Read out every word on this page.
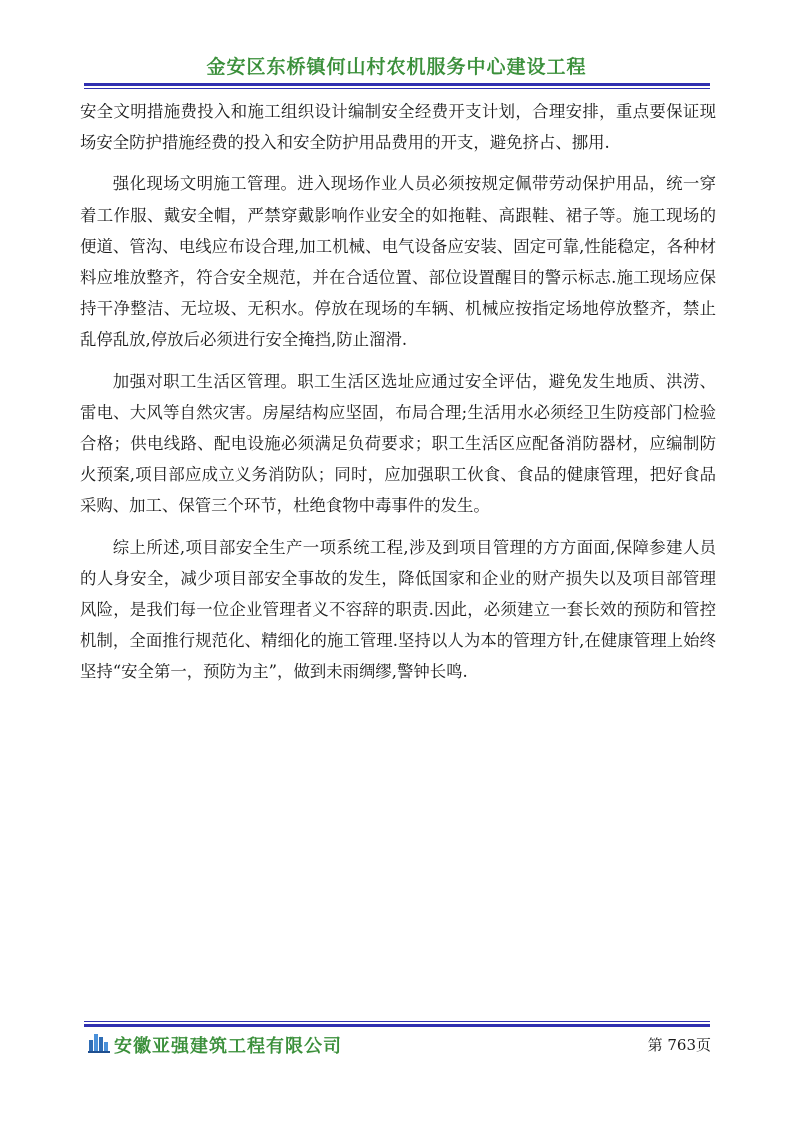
金安区东桥镇何山村农机服务中心建设工程

安全文明措施费投入和施工组织设计编制安全经费开支计划，合理安排，重点要保证现场安全防护措施经费的投入和安全防护用品费用的开支，避免挤占、挪用.

强化现场文明施工管理。进入现场作业人员必须按规定佩带劳动保护用品，统一穿着工作服、戴安全帽，严禁穿戴影响作业安全的如拖鞋、高跟鞋、裙子等。施工现场的便道、管沟、电线应布设合理,加工机械、电气设备应安装、固定可靠,性能稳定，各种材料应堆放整齐，符合安全规范，并在合适位置、部位设置醒目的警示标志.施工现场应保持干净整洁、无垃圾、无积水。停放在现场的车辆、机械应按指定场地停放整齐，禁止乱停乱放,停放后必须进行安全掩挡,防止溜滑.

加强对职工生活区管理。职工生活区选址应通过安全评估，避免发生地质、洪涝、雷电、大风等自然灾害。房屋结构应坚固，布局合理;生活用水必须经卫生防疫部门检验合格；供电线路、配电设施必须满足负荷要求；职工生活区应配备消防器材，应编制防火预案,项目部应成立义务消防队；同时，应加强职工伙食、食品的健康管理，把好食品采购、加工、保管三个环节，杜绝食物中毒事件的发生。

综上所述,项目部安全生产一项系统工程,涉及到项目管理的方方面面,保障参建人员的人身安全，减少项目部安全事故的发生，降低国家和企业的财产损失以及项目部管理风险，是我们每一位企业管理者义不容辞的职责.因此，必须建立一套长效的预防和管控机制，全面推行规范化、精细化的施工管理.坚持以人为本的管理方针,在健康管理上始终坚持“安全第一，预防为主”，做到未雨绸缪,警钟长鸣.

安徽亚强建筑工程有限公司	第 763页
